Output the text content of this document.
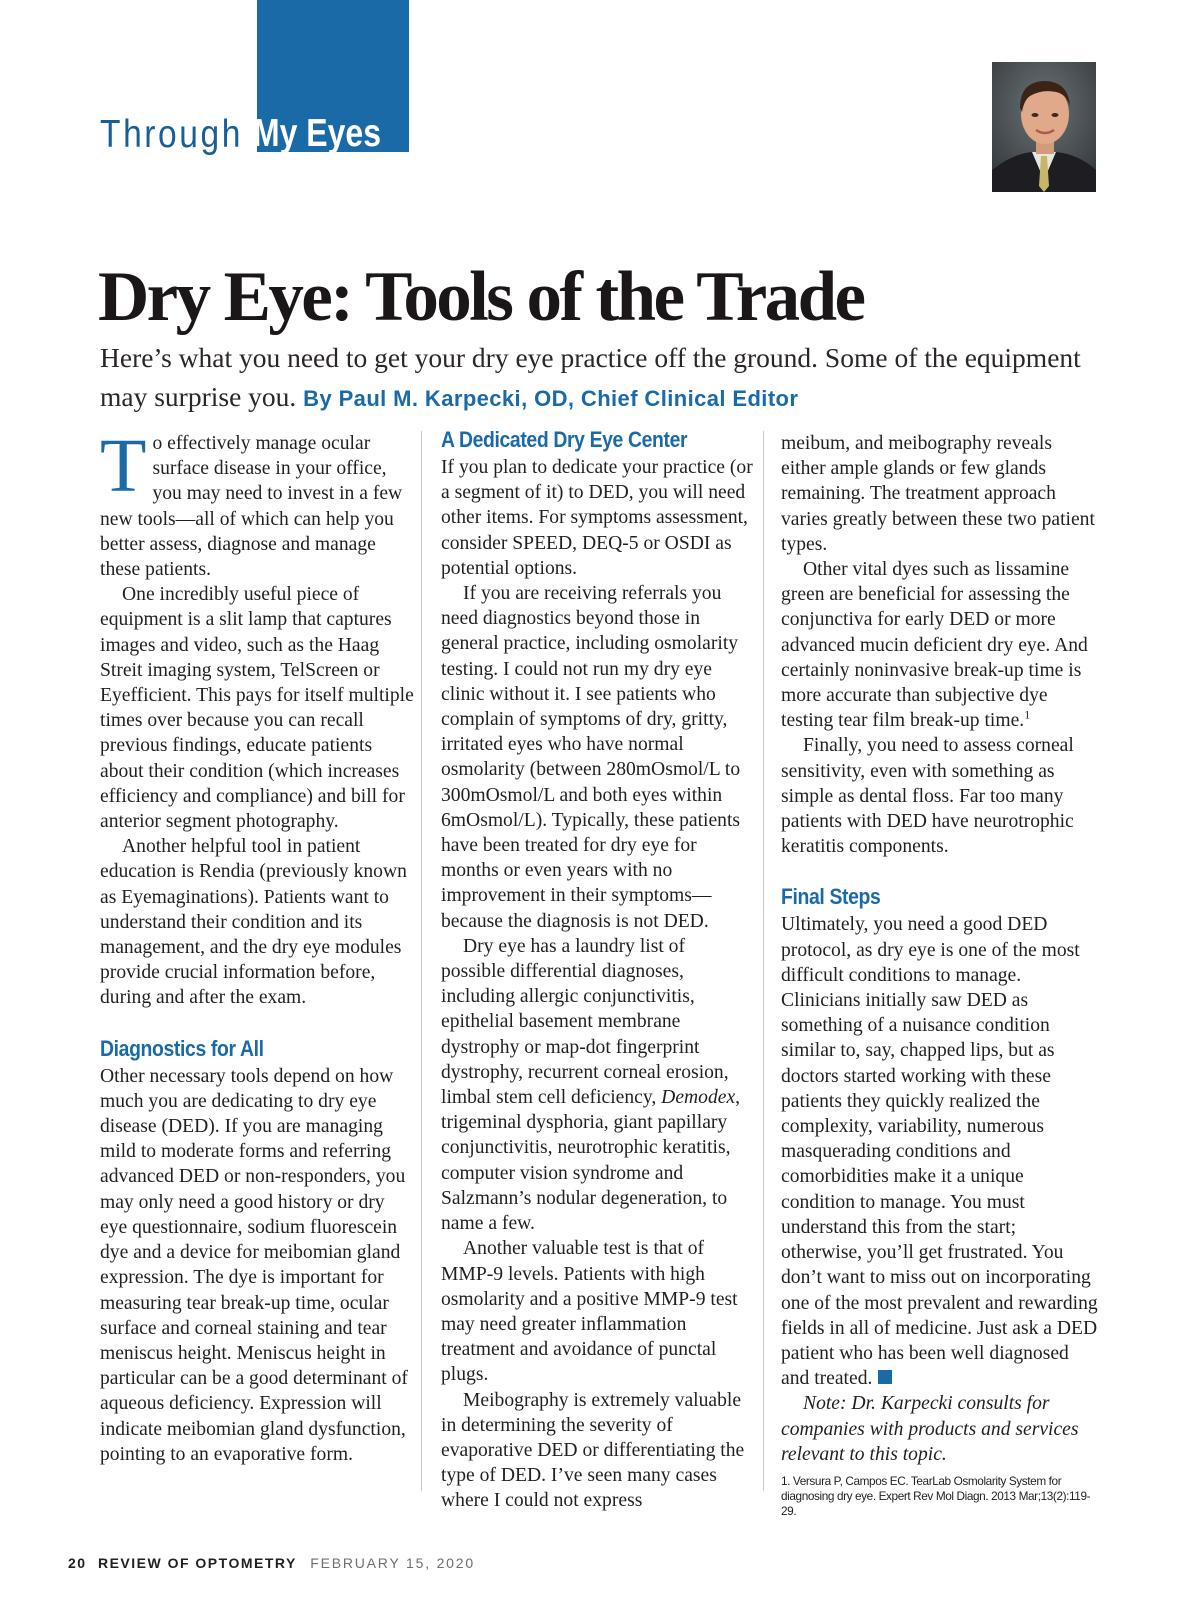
Through My Eyes
Dry Eye: Tools of the Trade

Here’s what you need to get your dry eye practice off the ground. Some of the equipment may surprise you. By Paul M. Karpecki, OD, Chief Clinical Editor

To effectively manage ocular surface disease in your office, you may need to invest in a few new tools—all of which can help you better assess, diagnose and manage these patients.

One incredibly useful piece of equipment is a slit lamp that captures images and video, such as the Haag Streit imaging system, TelScreen or Eyefficient. This pays for itself multiple times over because you can recall previous findings, educate patients about their condition (which increases efficiency and compliance) and bill for anterior segment photography.

Another helpful tool in patient education is Rendia (previously known as Eyemaginations). Patients want to understand their condition and its management, and the dry eye modules provide crucial information before, during and after the exam.

Diagnostics for All

Other necessary tools depend on how much you are dedicating to dry eye disease (DED). If you are managing mild to moderate forms and referring advanced DED or non-responders, you may only need a good history or dry eye questionnaire, sodium fluorescein dye and a device for meibomian gland expression. The dye is important for measuring tear break-up time, ocular surface and corneal staining and tear meniscus height. Meniscus height in particular can be a good determinant of aqueous deficiency. Expression will indicate meibomian gland dysfunction, pointing to an evaporative form.

A Dedicated Dry Eye Center

If you plan to dedicate your practice (or a segment of it) to DED, you will need other items. For symptoms assessment, consider SPEED, DEQ-5 or OSDI as potential options.

If you are receiving referrals you need diagnostics beyond those in general practice, including osmolarity testing. I could not run my dry eye clinic without it. I see patients who complain of symptoms of dry, gritty, irritated eyes who have normal osmolarity (between 280mOsmol/L to 300mOsmol/L and both eyes within 6mOsmol/L). Typically, these patients have been treated for dry eye for months or even years with no improvement in their symptoms—because the diagnosis is not DED.

Dry eye has a laundry list of possible differential diagnoses, including allergic conjunctivitis, epithelial basement membrane dystrophy or map-dot fingerprint dystrophy, recurrent corneal erosion, limbal stem cell deficiency, Demodex, trigeminal dysphoria, giant papillary conjunctivitis, neurotrophic keratitis, computer vision syndrome and Salzmann’s nodular degeneration, to name a few.

Another valuable test is that of MMP-9 levels. Patients with high osmolarity and a positive MMP-9 test may need greater inflammation treatment and avoidance of punctal plugs.

Meibography is extremely valuable in determining the severity of evaporative DED or differentiating the type of DED. I’ve seen many cases where I could not express

meibum, and meibography reveals either ample glands or few glands remaining. The treatment approach varies greatly between these two patient types.

Other vital dyes such as lissamine green are beneficial for assessing the conjunctiva for early DED or more advanced mucin deficient dry eye. And certainly noninvasive break-up time is more accurate than subjective dye testing tear film break-up time.$^1$

Finally, you need to assess corneal sensitivity, even with something as simple as dental floss. Far too many patients with DED have neurotrophic keratitis components.

Final Steps

Ultimately, you need a good DED protocol, as dry eye is one of the most difficult conditions to manage. Clinicians initially saw DED as something of a nuisance condition similar to, say, chapped lips, but as doctors started working with these patients they quickly realized the complexity, variability, numerous masquerading conditions and comorbidities make it a unique condition to manage. You must understand this from the start; otherwise, you’ll get frustrated. You don’t want to miss out on incorporating one of the most prevalent and rewarding fields in all of medicine. Just ask a DED patient who has been well diagnosed and treated.

Note: Dr. Karpecki consults for companies with products and services relevant to this topic.

1. Versura P, Campos EC. TearLab Osmolarity System for diagnosing dry eye. Expert Rev Mol Diagn. 2013 Mar;13(2):119-29.

20 REVIEW OF OPTOMETRY FEBRUARY 15, 2020
